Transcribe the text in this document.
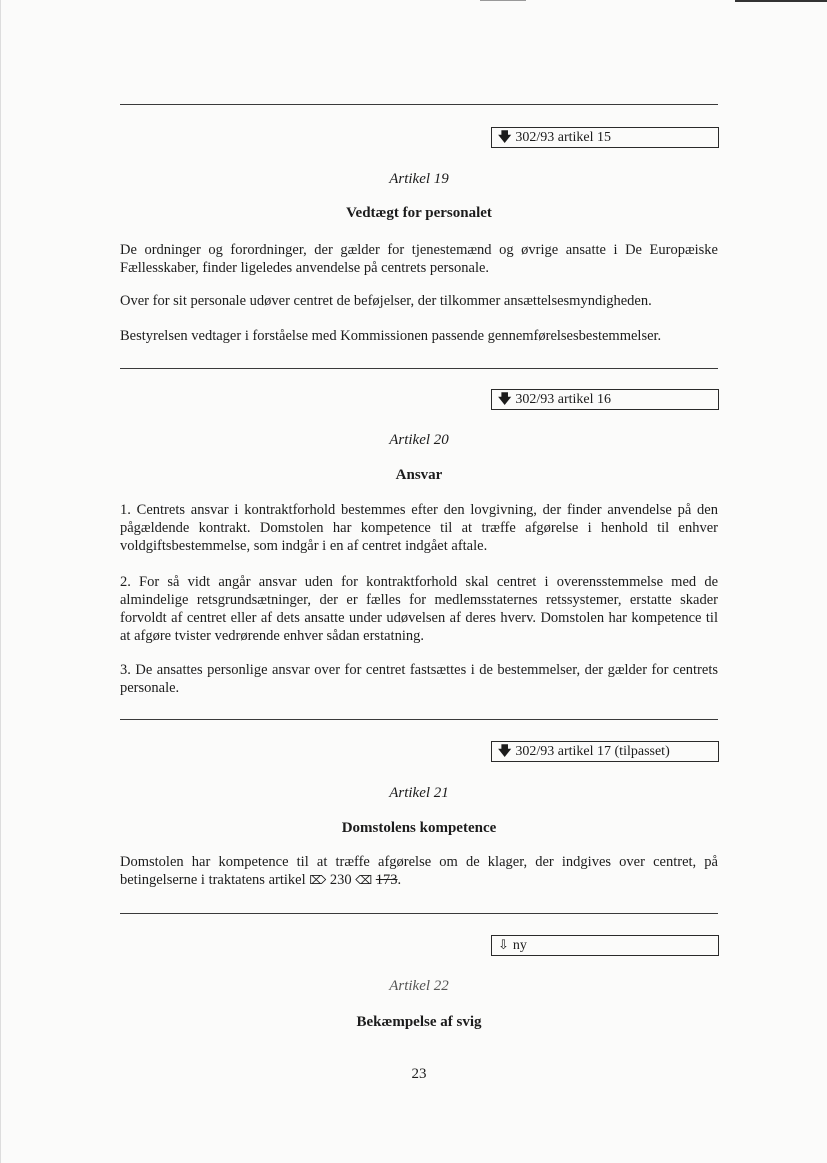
🡇 302/93 artikel 15
Artikel 19
Vedtægt for personalet
De ordninger og forordninger, der gælder for tjenestemænd og øvrige ansatte i De Europæiske Fællesskaber, finder ligeledes anvendelse på centrets personale.
Over for sit personale udøver centret de beføjelser, der tilkommer ansættelsesmyndigheden.
Bestyrelsen vedtager i forståelse med Kommissionen passende gennemførelsesbestemmelser.
🡇 302/93 artikel 16
Artikel 20
Ansvar
1. Centrets ansvar i kontraktforhold bestemmes efter den lovgivning, der finder anvendelse på den pågældende kontrakt. Domstolen har kompetence til at træffe afgørelse i henhold til enhver voldgiftsbestemmelse, som indgår i en af centret indgået aftale.
2. For så vidt angår ansvar uden for kontraktforhold skal centret i overensstemmelse med de almindelige retsgrundsætninger, der er fælles for medlemsstaternes retssystemer, erstatte skader forvoldt af centret eller af dets ansatte under udøvelsen af deres hverv. Domstolen har kompetence til at afgøre tvister vedrørende enhver sådan erstatning.
3. De ansattes personlige ansvar over for centret fastsættes i de bestemmelser, der gælder for centrets personale.
🡇 302/93 artikel 17 (tilpasset)
Artikel 21
Domstolens kompetence
Domstolen har kompetence til at træffe afgørelse om de klager, der indgives over centret, på betingelserne i traktatens artikel ⌦ 230 ⌫ 173.
⇩ ny
Artikel 22
Bekæmpelse af svig
23
